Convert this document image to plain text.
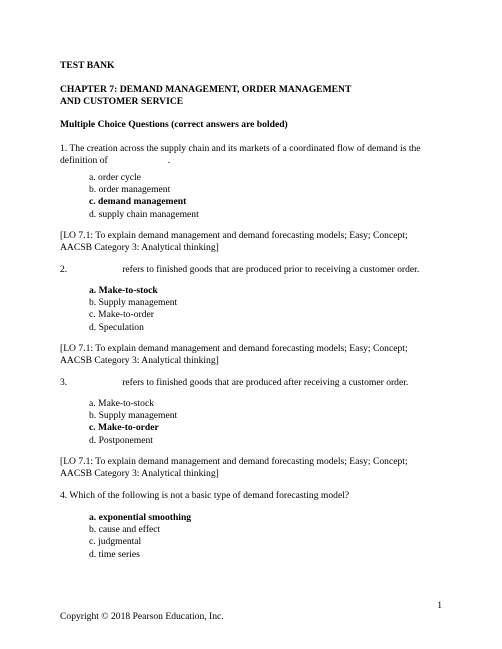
TEST BANK
CHAPTER 7: DEMAND MANAGEMENT, ORDER MANAGEMENT
AND CUSTOMER SERVICE
Multiple Choice Questions (correct answers are bolded)
1. The creation across the supply chain and its markets of a coordinated flow of demand is the
definition of	.
a. order cycle
b. order management
c. demand management
d. supply chain management
[LO 7.1: To explain demand management and demand forecasting models; Easy; Concept;
AACSB Category 3: Analytical thinking]
2.	refers to finished goods that are produced prior to receiving a customer order.
a. Make-to-stock
b. Supply management
c. Make-to-order
d. Speculation
[LO 7.1: To explain demand management and demand forecasting models; Easy; Concept;
AACSB Category 3: Analytical thinking]
3.	refers to finished goods that are produced after receiving a customer order.
a. Make-to-stock
b. Supply management
c. Make-to-order
d. Postponement
[LO 7.1: To explain demand management and demand forecasting models; Easy; Concept;
AACSB Category 3: Analytical thinking]
4. Which of the following is not a basic type of demand forecasting model?
a. exponential smoothing
b. cause and effect
c. judgmental
d. time series
1
Copyright © 2018 Pearson Education, Inc.
